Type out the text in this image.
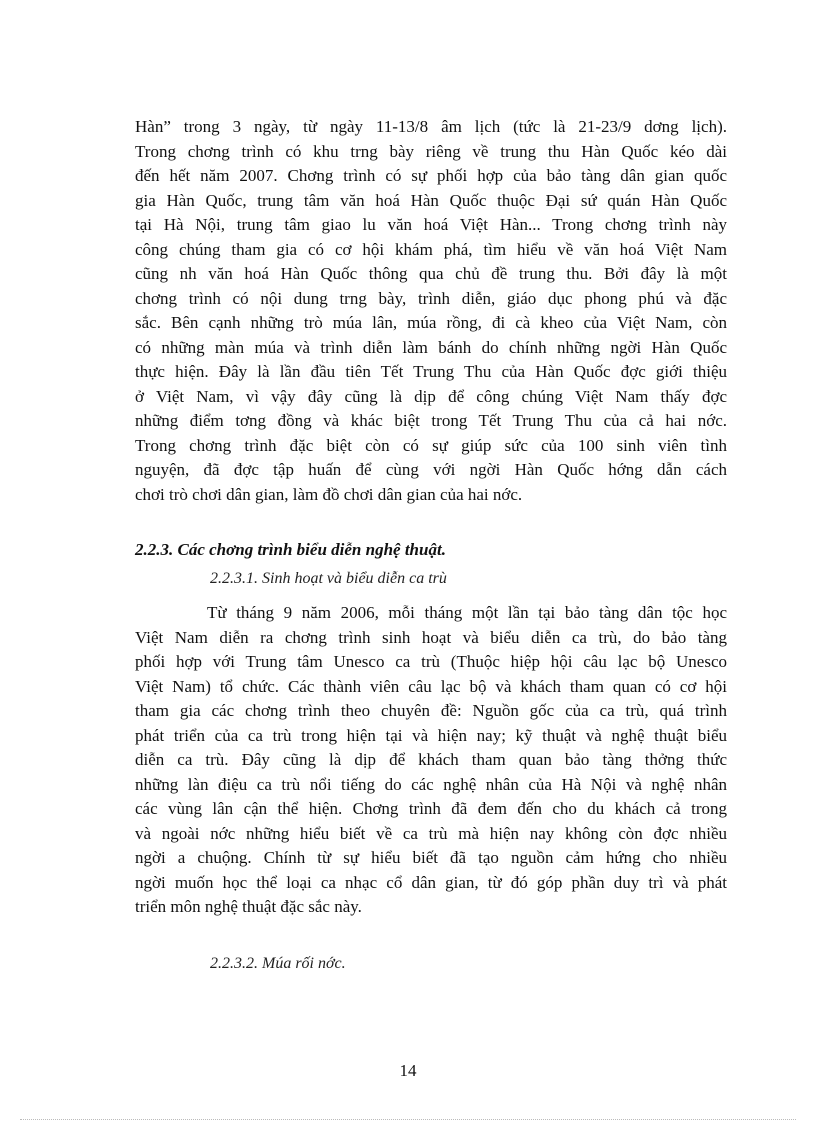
Hàn” trong 3 ngày, từ ngày 11-13/8 âm lịch (tức là 21-23/9 dơng lịch).
Trong chơng trình có khu trng bày riêng về trung thu Hàn Quốc kéo dài
đến hết năm 2007. Chơng trình có sự phối hợp của bảo tàng dân gian quốc
gia Hàn Quốc, trung tâm văn hoá Hàn Quốc thuộc Đại sứ quán Hàn Quốc
tại Hà Nội, trung tâm giao lu văn hoá Việt Hàn... Trong chơng trình này
công chúng tham gia có cơ hội khám phá, tìm hiểu về văn hoá Việt Nam
cũng nh văn hoá Hàn Quốc thông qua chủ đề trung thu. Bởi đây là một
chơng trình có nội dung trng bày, trình diễn, giáo dục phong phú và đặc
sắc. Bên cạnh những trò múa lân, múa rồng, đi cà kheo của Việt Nam, còn
có những màn múa và trình diễn làm bánh do chính những ngời Hàn Quốc
thực hiện. Đây là lần đầu tiên Tết Trung Thu của Hàn Quốc đợc giới thiệu
ở Việt Nam, vì vậy đây cũng là dịp để công chúng Việt Nam thấy đợc
những điểm tơng đồng và khác biệt trong Tết Trung Thu của cả hai nớc.
Trong chơng trình đặc biệt còn có sự giúp sức của 100 sinh viên tình
nguyện, đã đợc tập huấn để cùng với ngời Hàn Quốc hớng dẫn cách
chơi trò chơi dân gian, làm đồ chơi dân gian của hai nớc.
2.2.3. Các chơng trình biểu diễn nghệ thuật.
2.2.3.1. Sinh hoạt và biểu diễn ca trù
Từ tháng 9 năm 2006, mỗi tháng một lần tại bảo tàng dân tộc học
Việt Nam diễn ra chơng trình sinh hoạt và biểu diễn ca trù, do bảo tàng
phối hợp với Trung tâm Unesco ca trù (Thuộc hiệp hội câu lạc bộ Unesco
Việt Nam) tổ chức. Các thành viên câu lạc bộ và khách tham quan có cơ hội
tham gia các chơng trình theo chuyên đề: Nguồn gốc của ca trù, quá trình
phát triển của ca trù trong hiện tại và hiện nay; kỹ thuật và nghệ thuật biểu
diễn ca trù. Đây cũng là dịp để khách tham quan bảo tàng thởng thức
những làn điệu ca trù nổi tiếng do các nghệ nhân của Hà Nội và nghệ nhân
các vùng lân cận thể hiện. Chơng trình đã đem đến cho du khách cả trong
và ngoài nớc những hiểu biết về ca trù mà hiện nay không còn đợc nhiều
ngời a chuộng. Chính từ sự hiểu biết đã tạo nguồn cảm hứng cho nhiều
ngời muốn học thể loại ca nhạc cổ dân gian, từ đó góp phần duy trì và phát
triển môn nghệ thuật đặc sắc này.
2.2.3.2. Múa rối nớc.
14
